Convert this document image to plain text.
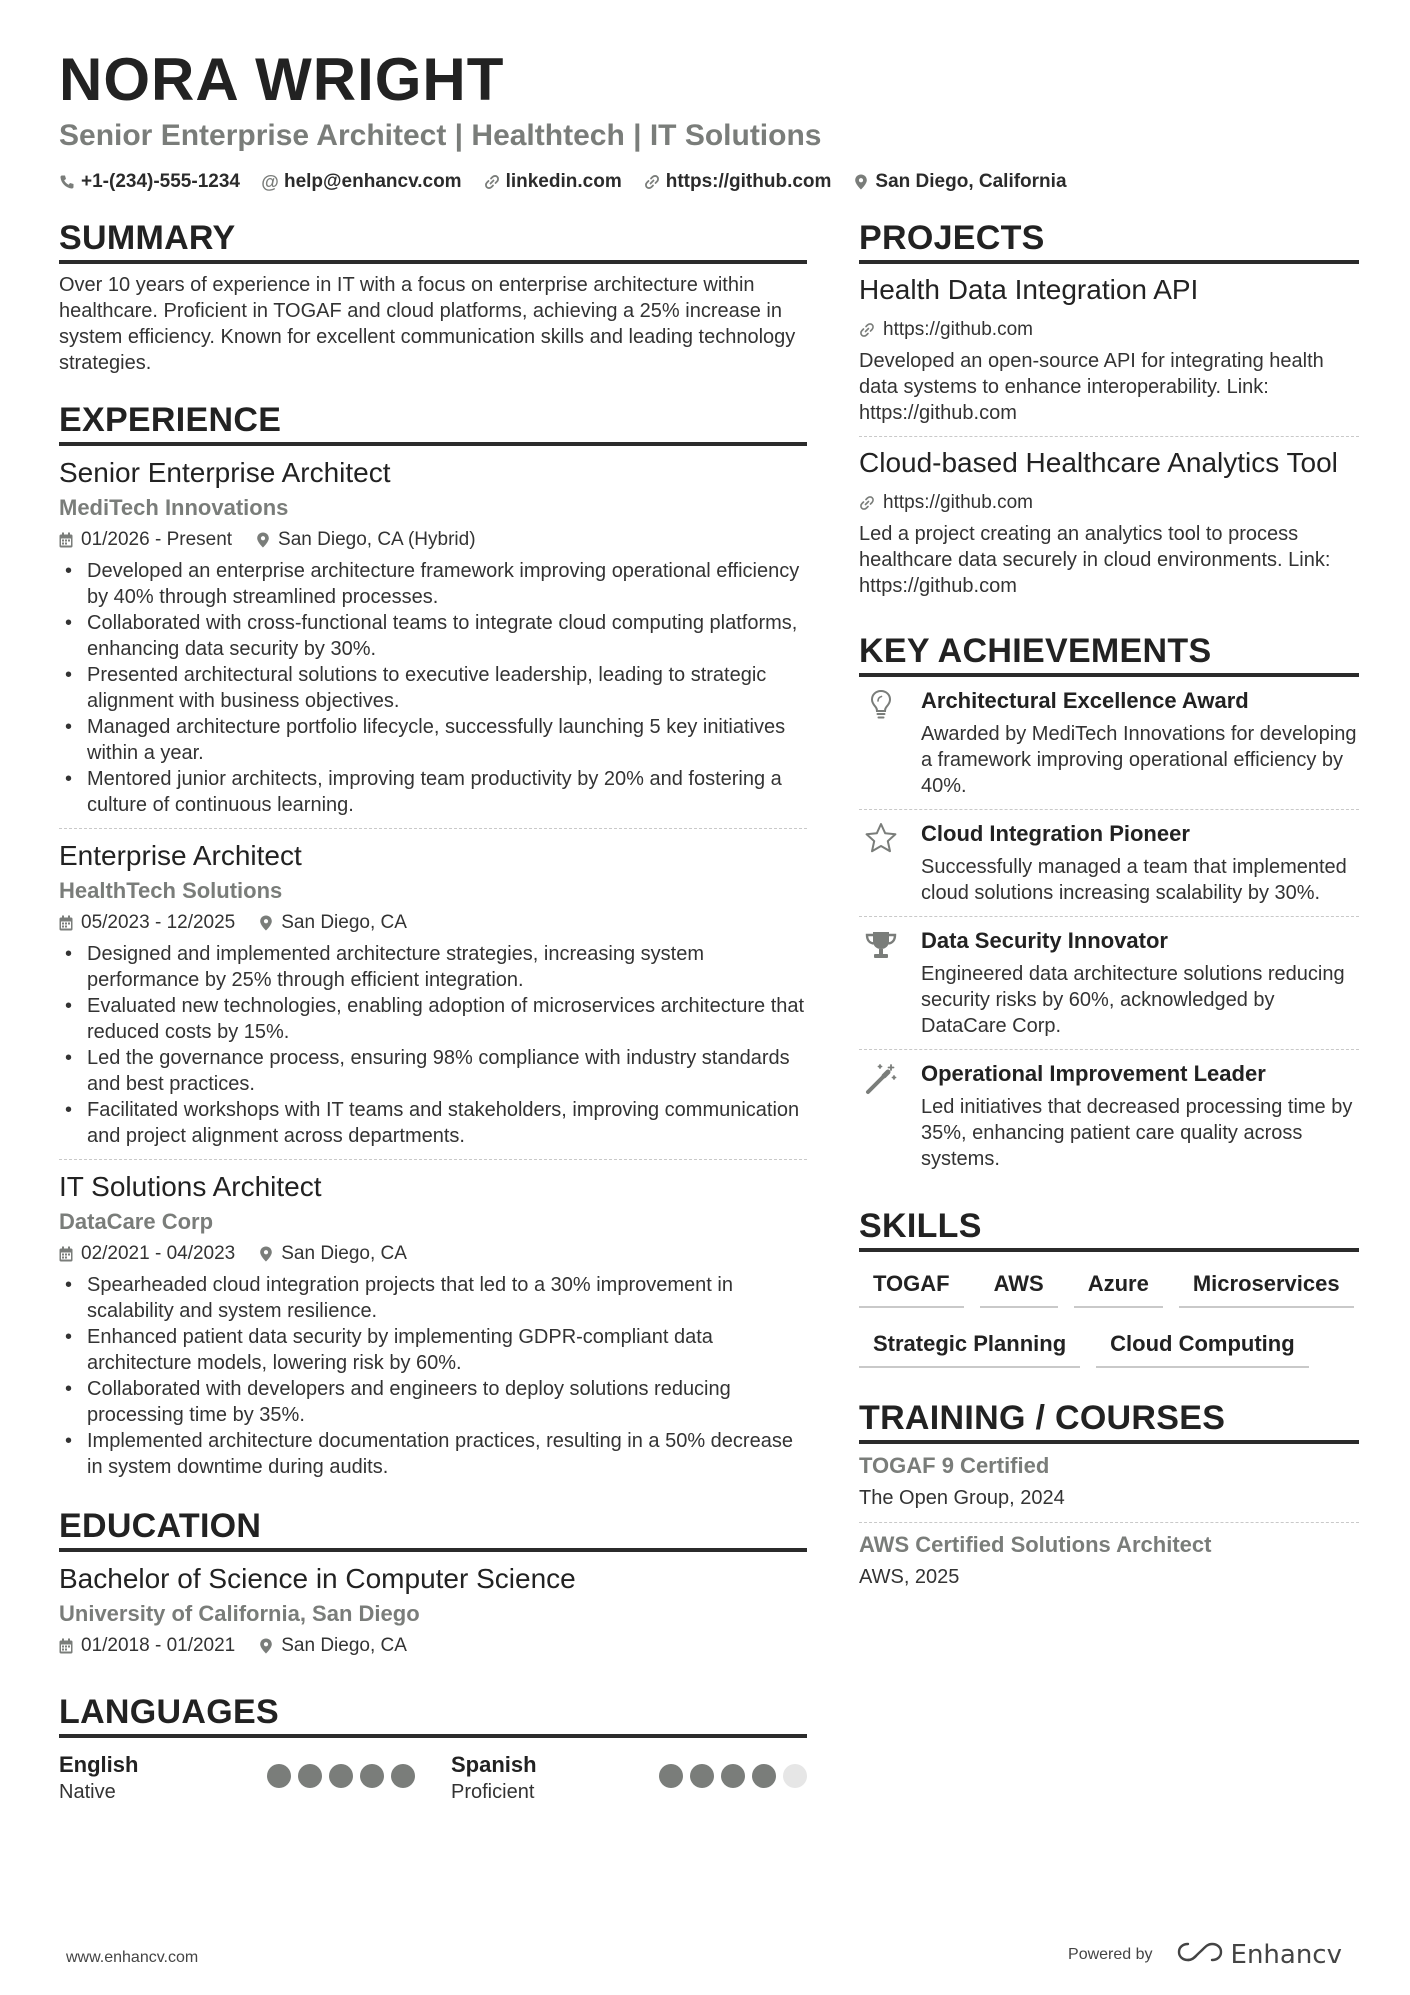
NORA WRIGHT
Senior Enterprise Architect | Healthtech | IT Solutions
+1-(234)-555-1234 @ help@enhancv.com linkedin.com https://github.com San Diego, California
SUMMARY

Over 10 years of experience in IT with a focus on enterprise architecture within healthcare. Proficient in TOGAF and cloud platforms, achieving a 25% increase in system efficiency. Known for excellent communication skills and leading technology strategies.

EXPERIENCE
Senior Enterprise Architect
MediTech Innovations
01/2026 - Present San Diego, CA (Hybrid)
• Developed an enterprise architecture framework improving operational efficiency by 40% through streamlined processes.
• Collaborated with cross-functional teams to integrate cloud computing platforms, enhancing data security by 30%.
• Presented architectural solutions to executive leadership, leading to strategic alignment with business objectives.
• Managed architecture portfolio lifecycle, successfully launching 5 key initiatives within a year.
• Mentored junior architects, improving team productivity by 20% and fostering a culture of continuous learning.
Enterprise Architect
HealthTech Solutions
05/2023 - 12/2025 San Diego, CA
• Designed and implemented architecture strategies, increasing system performance by 25% through efficient integration.
• Evaluated new technologies, enabling adoption of microservices architecture that reduced costs by 15%.
• Led the governance process, ensuring 98% compliance with industry standards and best practices.
• Facilitated workshops with IT teams and stakeholders, improving communication and project alignment across departments.
IT Solutions Architect
DataCare Corp
02/2021 - 04/2023 San Diego, CA
• Spearheaded cloud integration projects that led to a 30% improvement in scalability and system resilience.
• Enhanced patient data security by implementing GDPR-compliant data architecture models, lowering risk by 60%.
• Collaborated with developers and engineers to deploy solutions reducing processing time by 35%.
• Implemented architecture documentation practices, resulting in a 50% decrease in system downtime during audits.
EDUCATION
Bachelor of Science in Computer Science
University of California, San Diego
01/2018 - 01/2021 San Diego, CA
LANGUAGES
English
Native
Spanish
Proficient
PROJECTS
Health Data Integration API
https://github.com
Developed an open-source API for integrating health data systems to enhance interoperability. Link: https://github.com
Cloud-based Healthcare Analytics Tool
https://github.com
Led a project creating an analytics tool to process healthcare data securely in cloud environments. Link: https://github.com
KEY ACHIEVEMENTS
Architectural Excellence Award
Awarded by MediTech Innovations for developing a framework improving operational efficiency by 40%.
Cloud Integration Pioneer
Successfully managed a team that implemented cloud solutions increasing scalability by 30%.
Data Security Innovator
Engineered data architecture solutions reducing security risks by 60%, acknowledged by DataCare Corp.
Operational Improvement Leader
Led initiatives that decreased processing time by 35%, enhancing patient care quality across systems.
SKILLS
TOGAF	AWS	Azure	Microservices
Strategic Planning	Cloud Computing
TRAINING / COURSES
TOGAF 9 Certified
The Open Group, 2024
AWS Certified Solutions Architect
AWS, 2025
www.enhancv.com	Powered by	Enhancv
